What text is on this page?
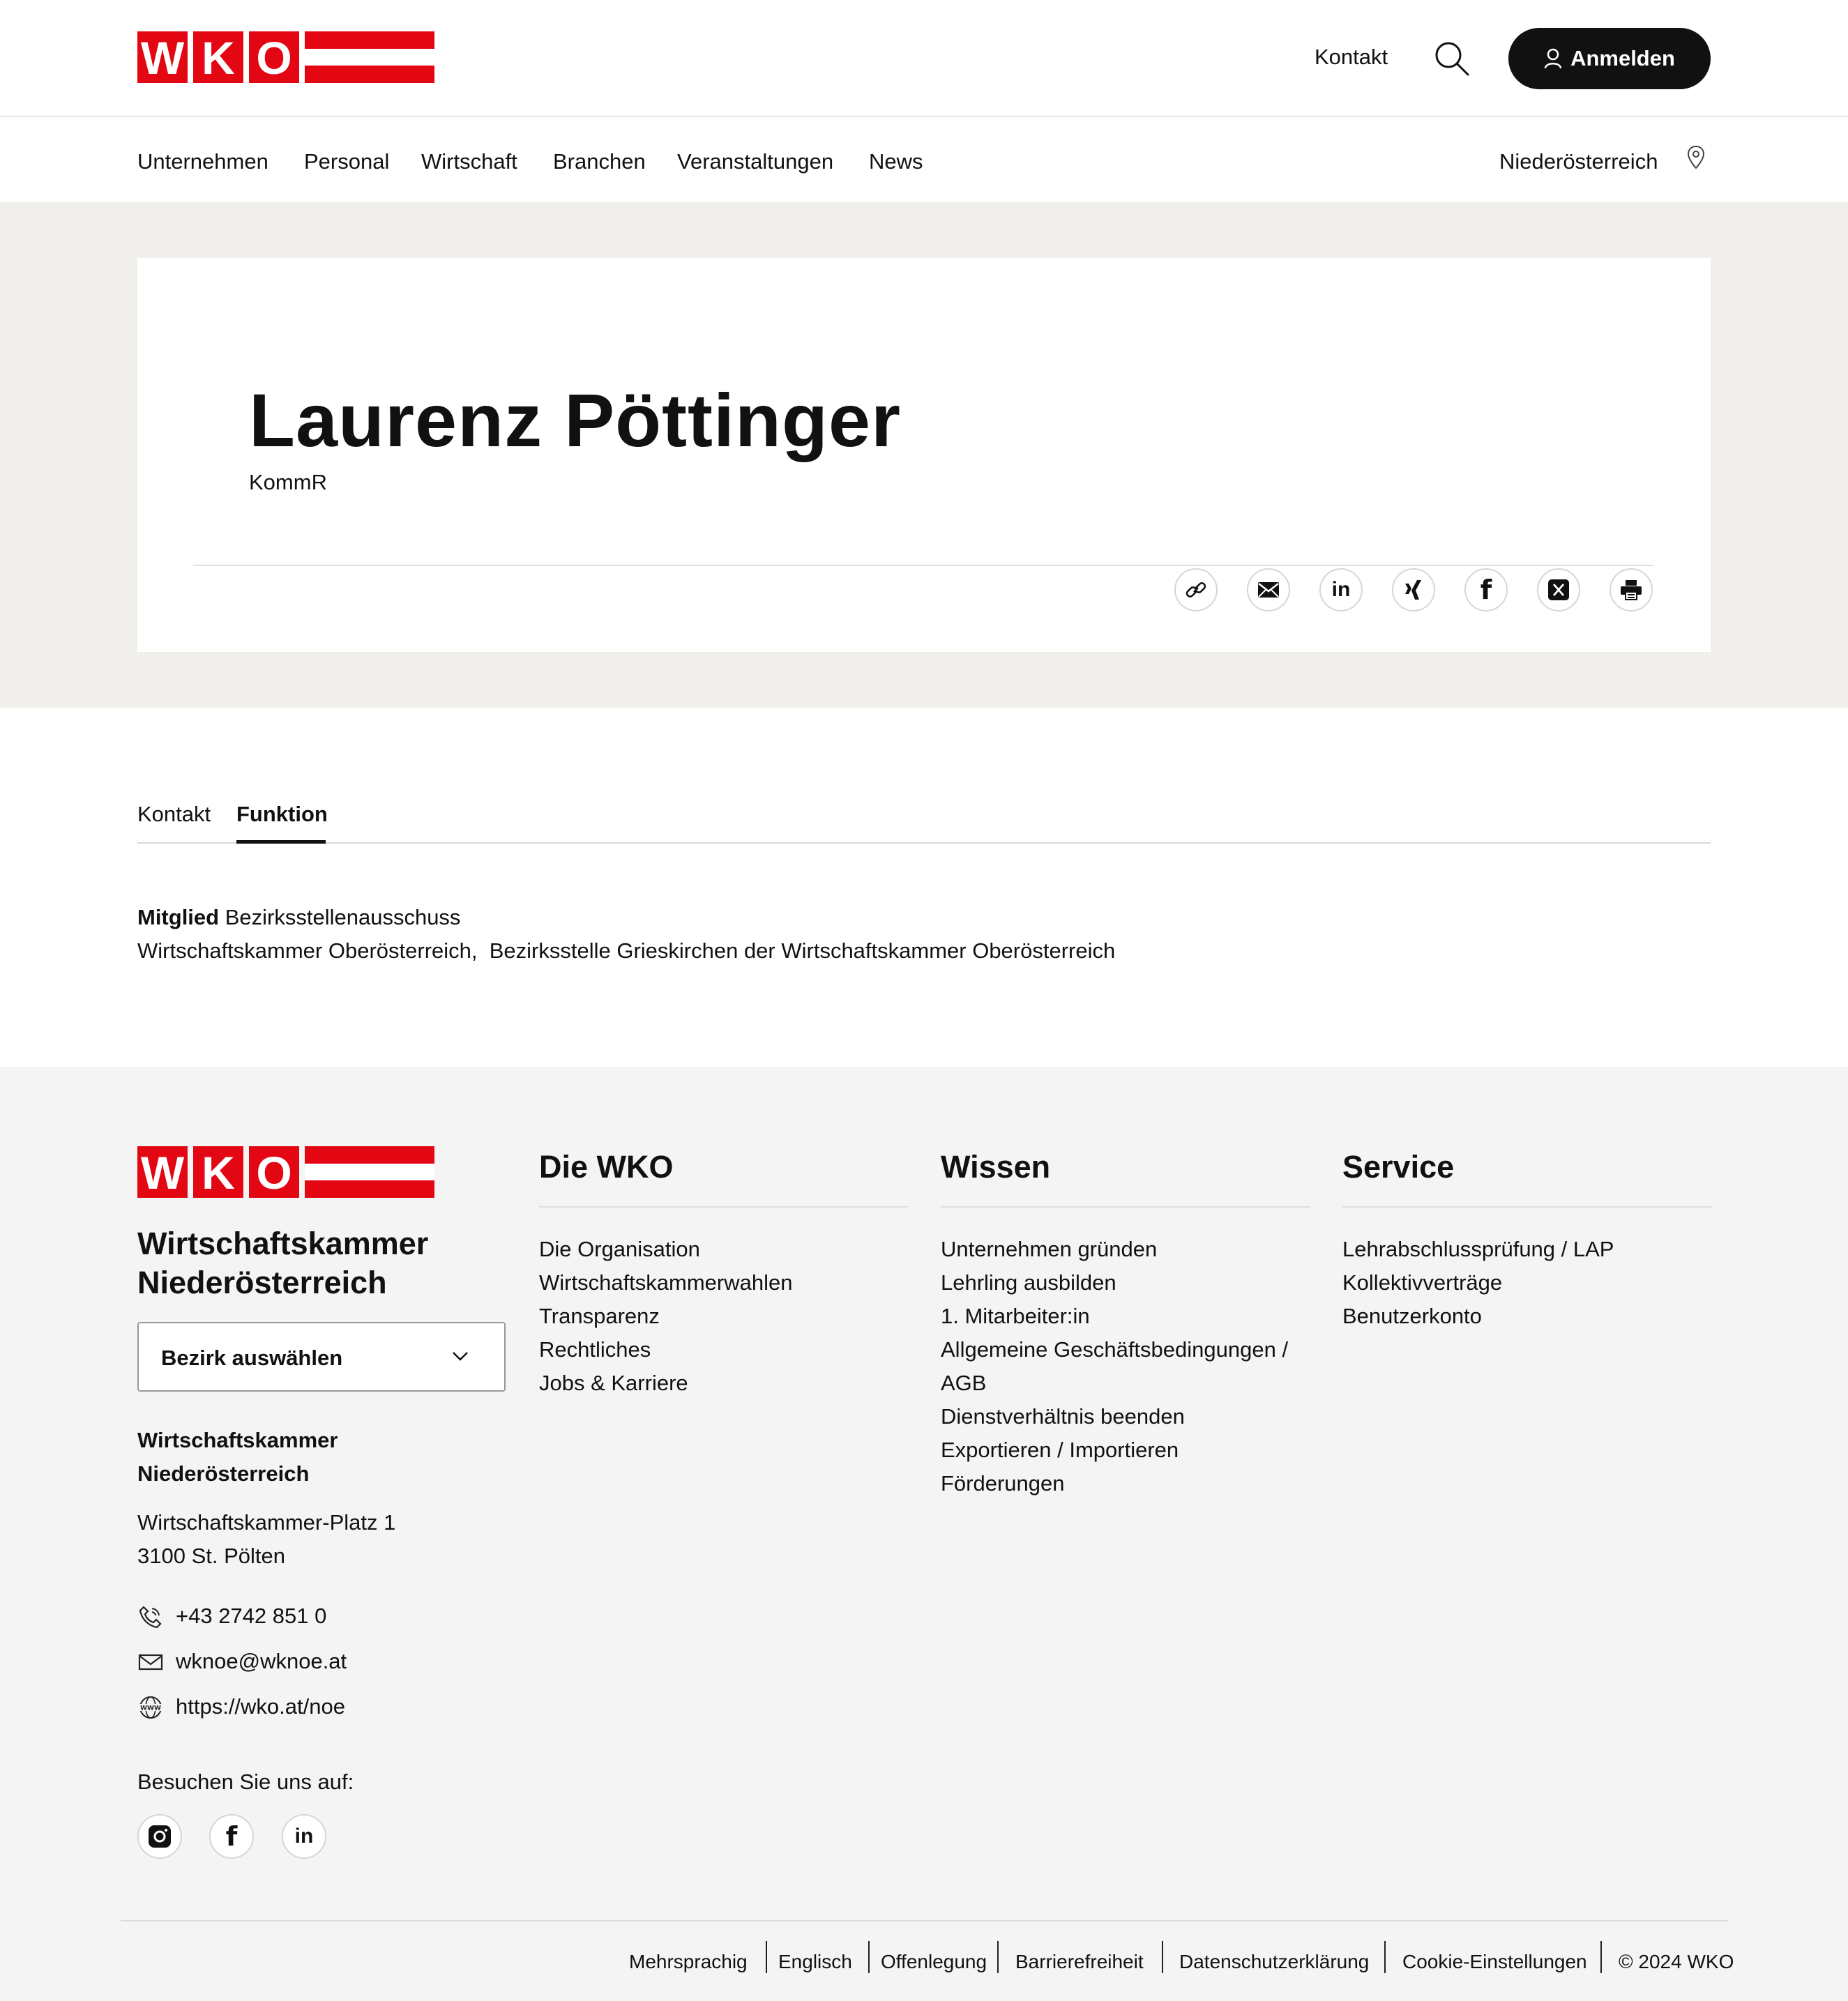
W K O	Kontakt	Anmelden
Unternehmen Personal Wirtschaft Branchen Veranstaltungen News	Niederösterreich
Laurenz Pöttinger
KommR
in	f
Kontakt Funktion
Mitglied Bezirksstellenausschuss
Wirtschaftskammer Oberösterreich,  Bezirksstelle Grieskirchen der Wirtschaftskammer Oberösterreich
W K O
Wirtschaftskammer
Niederösterreich
Bezirk auswählen
Wirtschaftskammer
Niederösterreich
Wirtschaftskammer-Platz 1
3100 St. Pölten
+43 2742 851 0
wknoe@wknoe.at
WWW https://wko.at/noe
Besuchen Sie uns auf:
f	in
Die WKO
Die Organisation
Wirtschaftskammerwahlen
Transparenz
Rechtliches
Jobs & Karriere
Wissen
Unternehmen gründen
Lehrling ausbilden
1. Mitarbeiter:in
Allgemeine Geschäftsbedingungen /
AGB
Dienstverhältnis beenden
Exportieren / Importieren
Förderungen
Service
Lehrabschlussprüfung / LAP
Kollektivverträge
Benutzerkonto
Mehrsprachig Englisch Offenlegung Barrierefreiheit Datenschutzerklärung Cookie-Einstellungen © 2024 WKO
